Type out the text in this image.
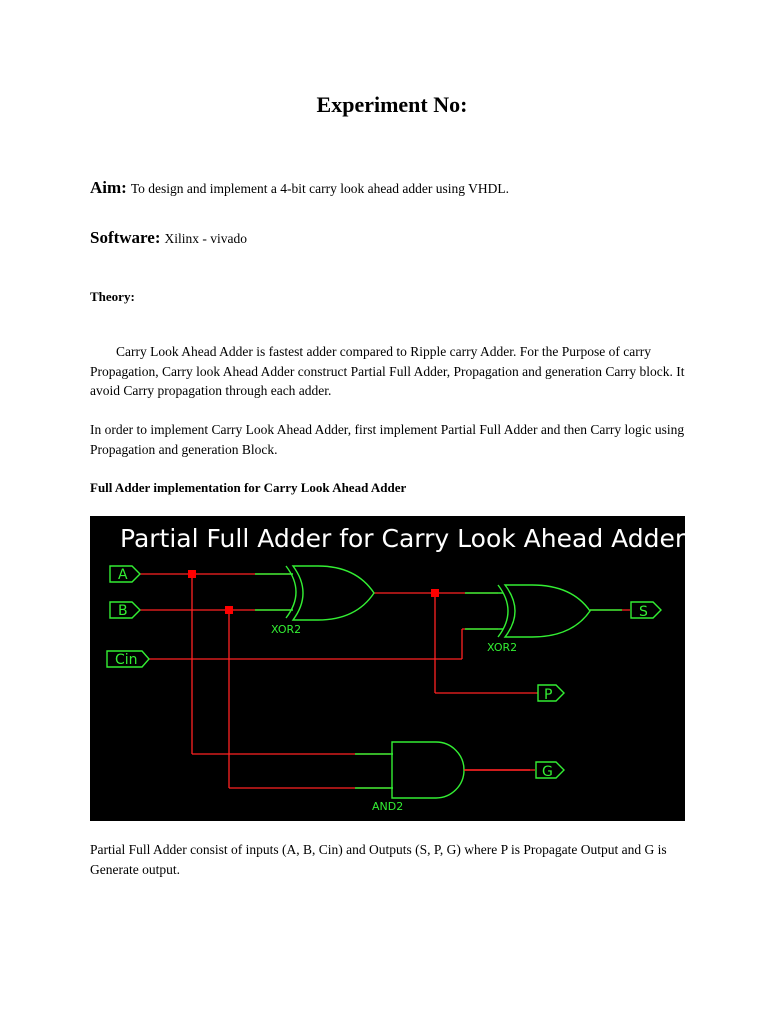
Experiment No:
Aim: To design and implement a 4-bit carry look ahead adder using VHDL.
Software: Xilinx - vivado
Theory:
Carry Look Ahead Adder is fastest adder compared to Ripple carry Adder. For the Purpose of carry Propagation, Carry look Ahead Adder construct Partial Full Adder, Propagation and generation Carry block. It avoid Carry propagation through each adder.
In order to implement Carry Look Ahead Adder, first implement Partial Full Adder and then Carry logic using Propagation and generation Block.
Full Adder implementation for Carry Look Ahead Adder
Partial Full Adder for Carry Look Ahead Adder
XOR2
XOR2
AND2
A
B
Cin
S
P
G
Partial Full Adder consist of inputs (A, B, Cin) and Outputs (S, P, G) where P is Propagate Output and G is Generate output.
